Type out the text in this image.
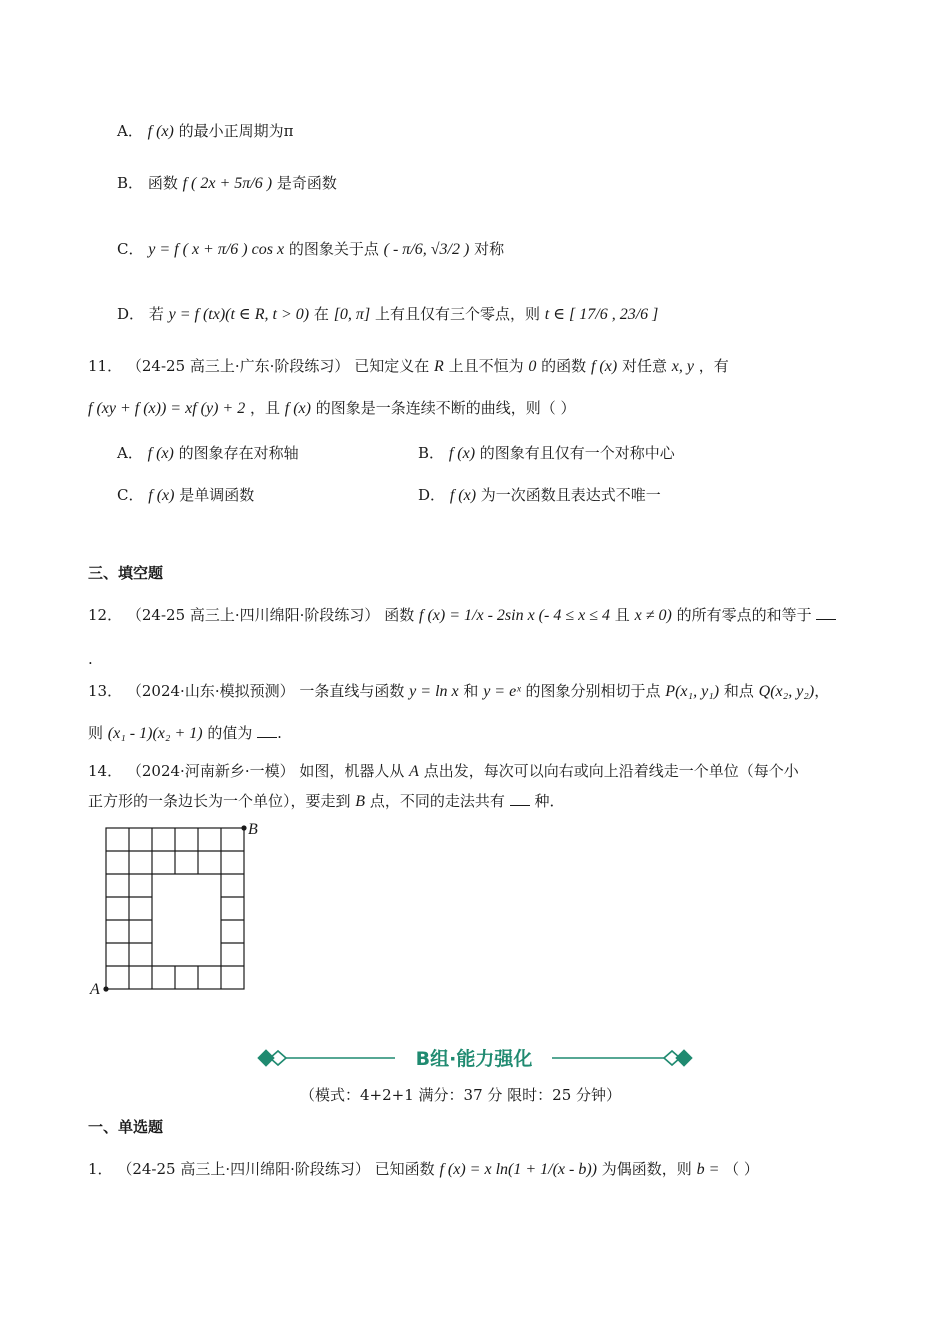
A． f (x) 的最小正周期为π
B． 函数 f ( 2x + 5π/6 ) 是奇函数
C． y = f ( x + π/6 ) cos x 的图象关于点 ( - π/6, √3/2 ) 对称
D． 若 y = f (tx)(t ∈ R, t > 0) 在 [0, π] 上有且仅有三个零点，则 t ∈ [ 17/6 , 23/6 ]
11． （24-25 高三上·广东·阶段练习） 已知定义在 R 上且不恒为 0 的函数 f (x) 对任意 x, y ，有
f (xy + f (x)) = xf (y) + 2 ，且 f (x) 的图象是一条连续不断的曲线，则（ ）
A． f (x) 的图象存在对称轴	B． f (x) 的图象有且仅有一个对称中心
C． f (x) 是单调函数	D． f (x) 为一次函数且表达式不唯一
三、填空题
12． （24-25 高三上·四川绵阳·阶段练习） 函数 f (x) = 1/x - 2sin x (- 4 ≤ x ≤ 4 且 x ≠ 0) 的所有零点的和等于
.
13． （2024·山东·模拟预测） 一条直线与函数 y = ln x 和 y = eˣ 的图象分别相切于点 P(x₁, y₁) 和点 Q(x₂, y₂)，
则 (x₁ - 1)(x₂ + 1) 的值为 .
14． （2024·河南新乡·一模） 如图，机器人从 A 点出发，每次可以向右或向上沿着线走一个单位（每个小
正方形的一条边长为一个单位），要走到 B 点，不同的走法共有 种．
B
A
B组·能力强化
（模式：4+2+1 满分：37 分 限时：25 分钟）
一、单选题
1． （24-25 高三上·四川绵阳·阶段练习） 已知函数 f (x) = x ln(1 + 1/(x - b)) 为偶函数，则 b = （ ）
